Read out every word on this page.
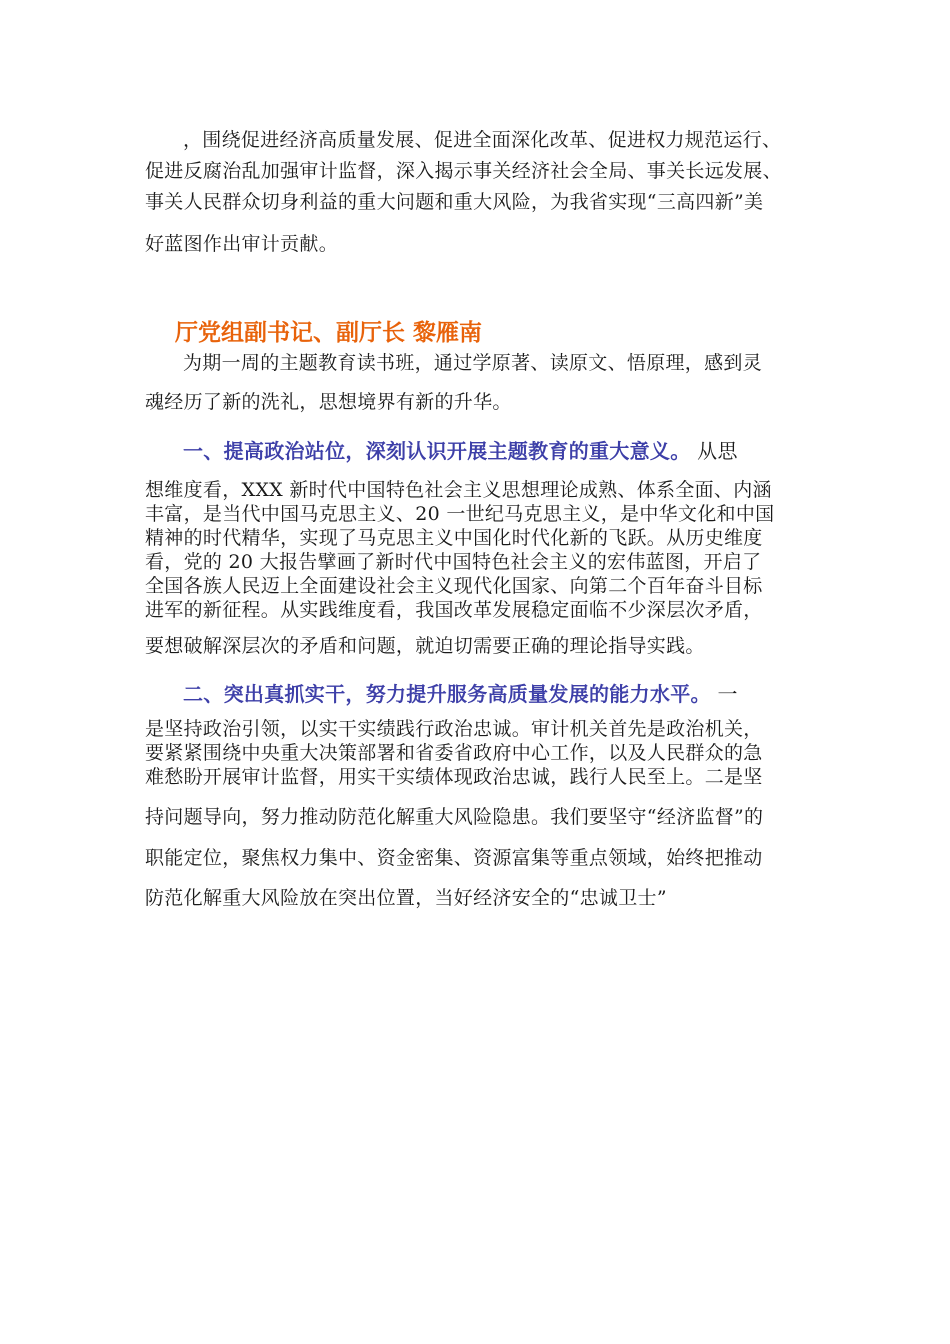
，围绕促进经济高质量发展、促进全面深化改革、促进权力规范运行、
促进反腐治乱加强审计监督，深入揭示事关经济社会全局、事关长远发展、
事关人民群众切身利益的重大问题和重大风险，为我省实现“三高四新”美
好蓝图作出审计贡献。
厅党组副书记、副厅长 黎雁南
为期一周的主题教育读书班，通过学原著、读原文、悟原理，感到灵
魂经历了新的洗礼，思想境界有新的升华。
一、提高政治站位，深刻认识开展主题教育的重大意义。 从思
想维度看，XXX 新时代中国特色社会主义思想理论成熟、体系全面、内涵
丰富，是当代中国马克思主义、20 一世纪马克思主义，是中华文化和中国
精神的时代精华，实现了马克思主义中国化时代化新的飞跃。从历史维度
看，党的 20 大报告擘画了新时代中国特色社会主义的宏伟蓝图，开启了
全国各族人民迈上全面建设社会主义现代化国家、向第二个百年奋斗目标
进军的新征程。从实践维度看，我国改革发展稳定面临不少深层次矛盾，
要想破解深层次的矛盾和问题，就迫切需要正确的理论指导实践。
二、突出真抓实干，努力提升服务高质量发展的能力水平。 一
是坚持政治引领，以实干实绩践行政治忠诚。审计机关首先是政治机关，
要紧紧围绕中央重大决策部署和省委省政府中心工作，以及人民群众的急
难愁盼开展审计监督，用实干实绩体现政治忠诚，践行人民至上。二是坚
持问题导向，努力推动防范化解重大风险隐患。我们要坚守“经济监督”的
职能定位，聚焦权力集中、资金密集、资源富集等重点领域，始终把推动
防范化解重大风险放在突出位置，当好经济安全的“忠诚卫士”
